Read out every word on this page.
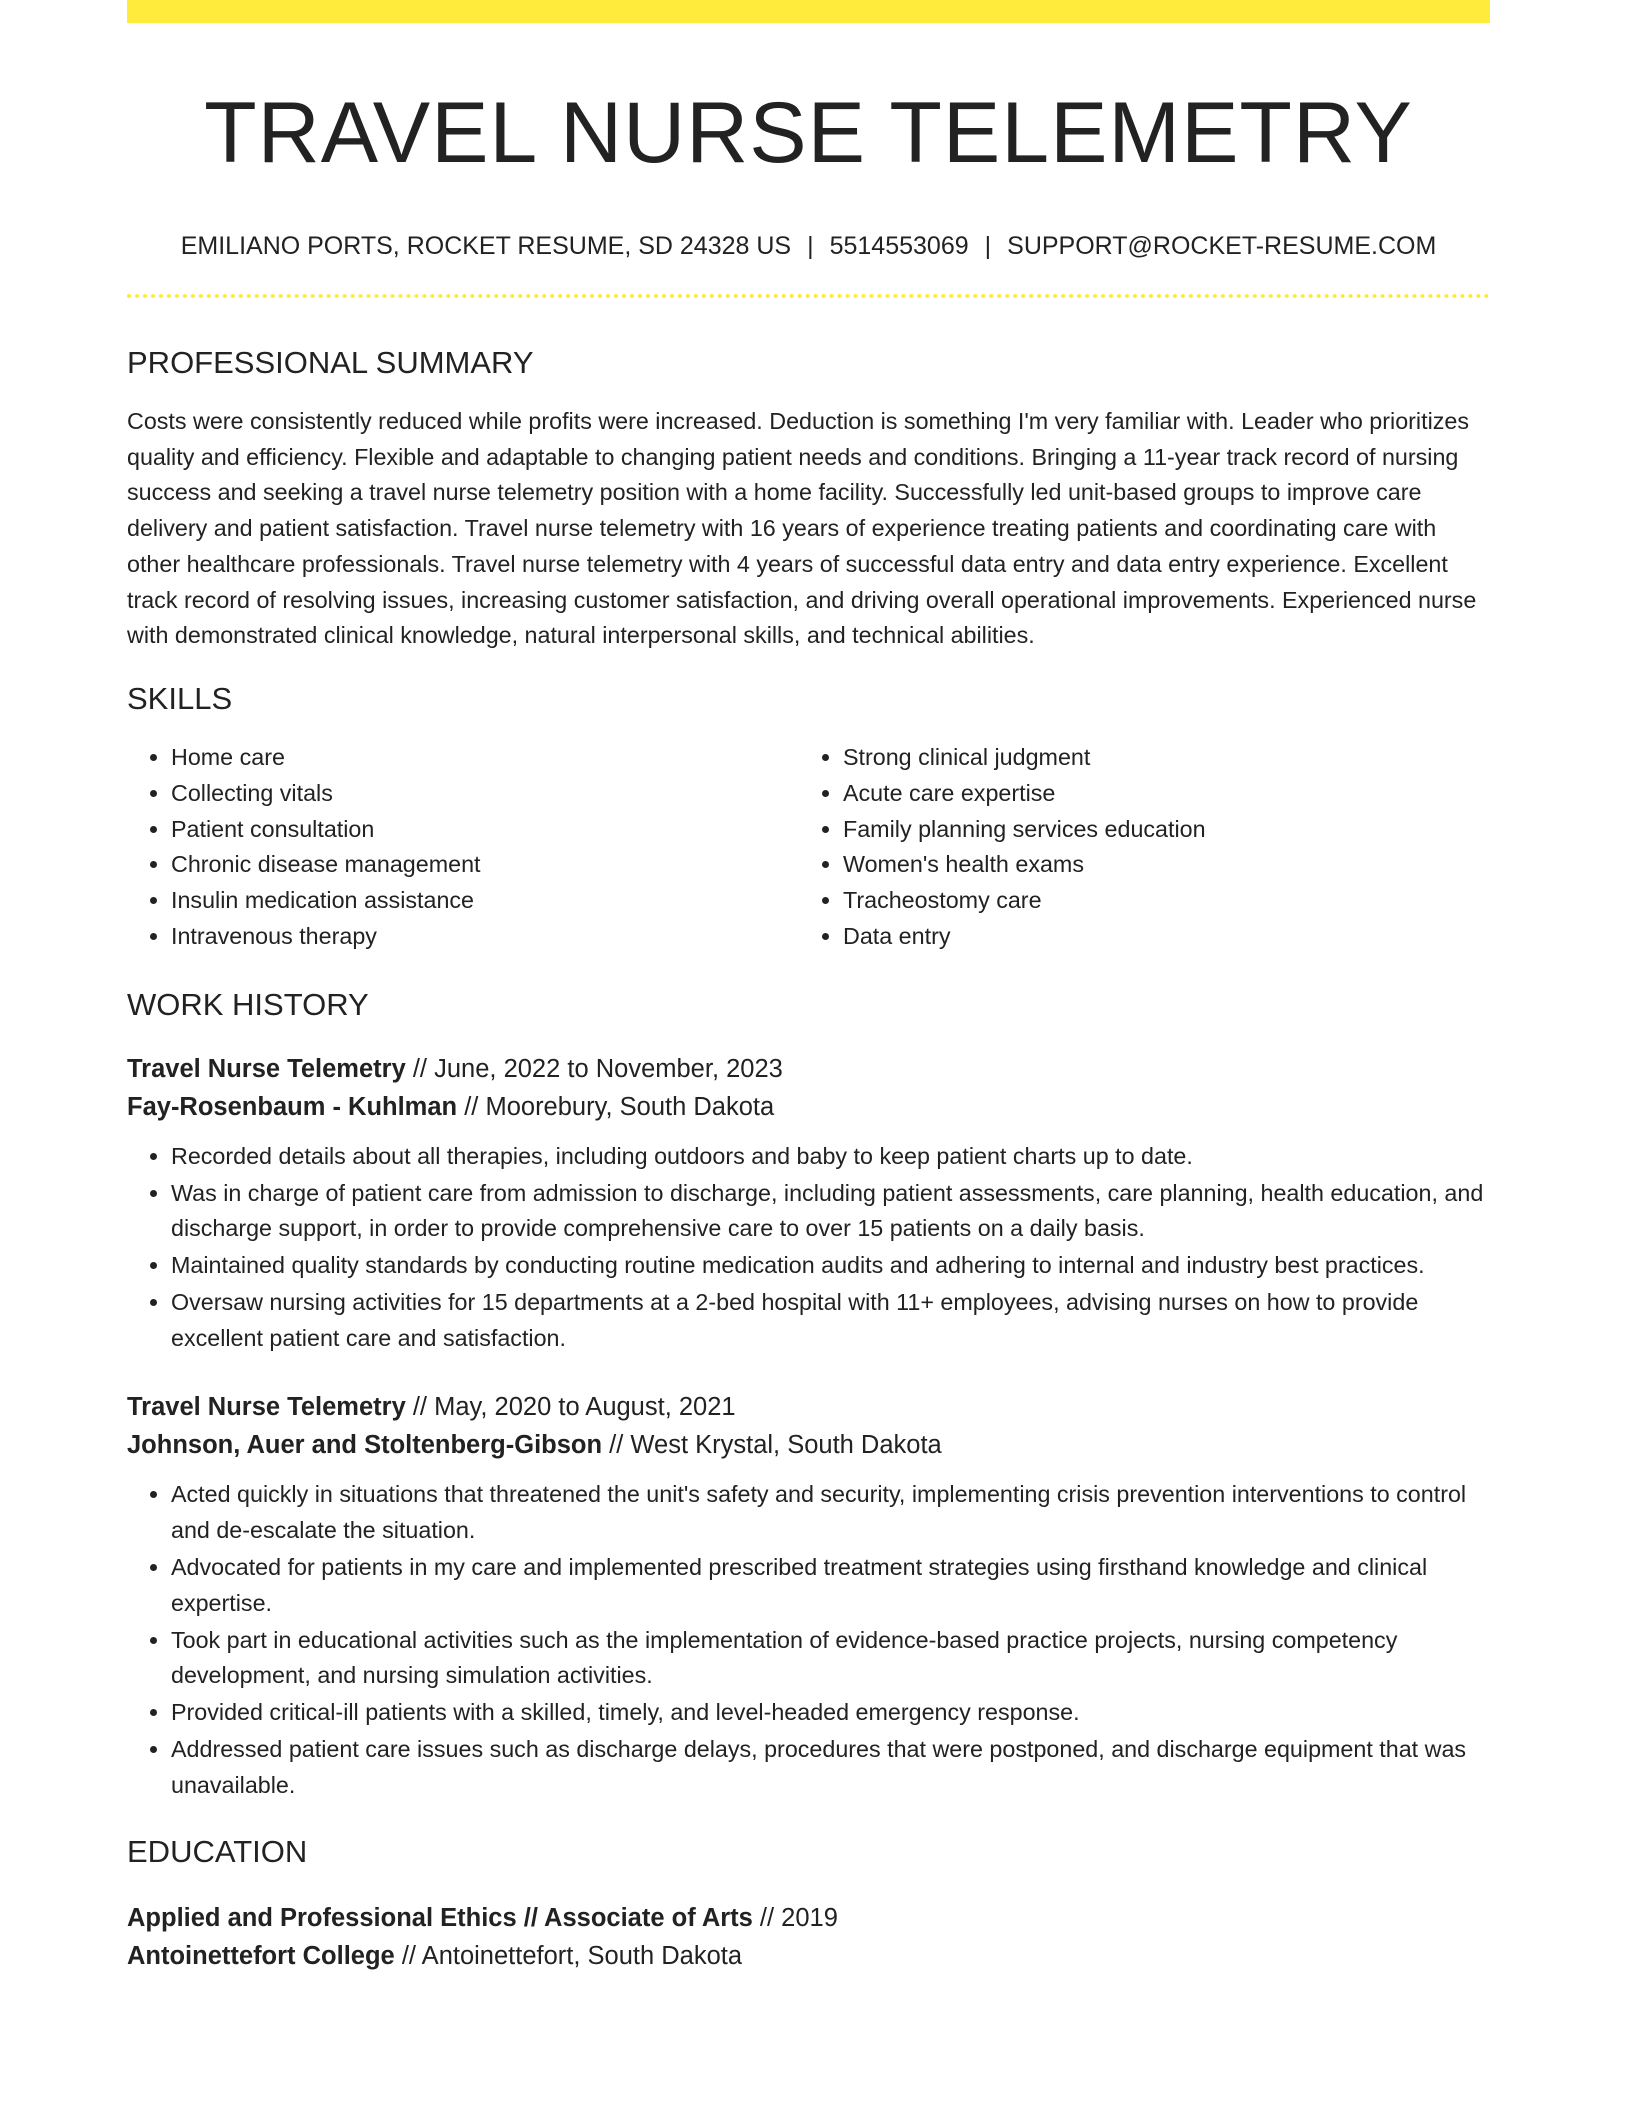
TRAVEL NURSE TELEMETRY
EMILIANO PORTS, ROCKET RESUME, SD 24328 US | 5514553069 | SUPPORT@ROCKET-RESUME.COM
PROFESSIONAL SUMMARY
Costs were consistently reduced while profits were increased. Deduction is something I'm very familiar with. Leader who prioritizes quality and efficiency. Flexible and adaptable to changing patient needs and conditions. Bringing a 11-year track record of nursing success and seeking a travel nurse telemetry position with a home facility. Successfully led unit-based groups to improve care delivery and patient satisfaction. Travel nurse telemetry with 16 years of experience treating patients and coordinating care with other healthcare professionals. Travel nurse telemetry with 4 years of successful data entry and data entry experience. Excellent track record of resolving issues, increasing customer satisfaction, and driving overall operational improvements. Experienced nurse with demonstrated clinical knowledge, natural interpersonal skills, and technical abilities.
SKILLS
• Home care
• Collecting vitals
• Patient consultation
• Chronic disease management
• Insulin medication assistance
• Intravenous therapy
• Strong clinical judgment
• Acute care expertise
• Family planning services education
• Women's health exams
• Tracheostomy care
• Data entry
WORK HISTORY
Travel Nurse Telemetry // June, 2022 to November, 2023
Fay-Rosenbaum - Kuhlman // Moorebury, South Dakota
• Recorded details about all therapies, including outdoors and baby to keep patient charts up to date.
• Was in charge of patient care from admission to discharge, including patient assessments, care planning, health education, and discharge support, in order to provide comprehensive care to over 15 patients on a daily basis.
• Maintained quality standards by conducting routine medication audits and adhering to internal and industry best practices.
• Oversaw nursing activities for 15 departments at a 2-bed hospital with 11+ employees, advising nurses on how to provide excellent patient care and satisfaction.
Travel Nurse Telemetry // May, 2020 to August, 2021
Johnson, Auer and Stoltenberg-Gibson // West Krystal, South Dakota
• Acted quickly in situations that threatened the unit's safety and security, implementing crisis prevention interventions to control and de-escalate the situation.
• Advocated for patients in my care and implemented prescribed treatment strategies using firsthand knowledge and clinical expertise.
• Took part in educational activities such as the implementation of evidence-based practice projects, nursing competency development, and nursing simulation activities.
• Provided critical-ill patients with a skilled, timely, and level-headed emergency response.
• Addressed patient care issues such as discharge delays, procedures that were postponed, and discharge equipment that was unavailable.
EDUCATION
Applied and Professional Ethics // Associate of Arts // 2019
Antoinettefort College // Antoinettefort, South Dakota
